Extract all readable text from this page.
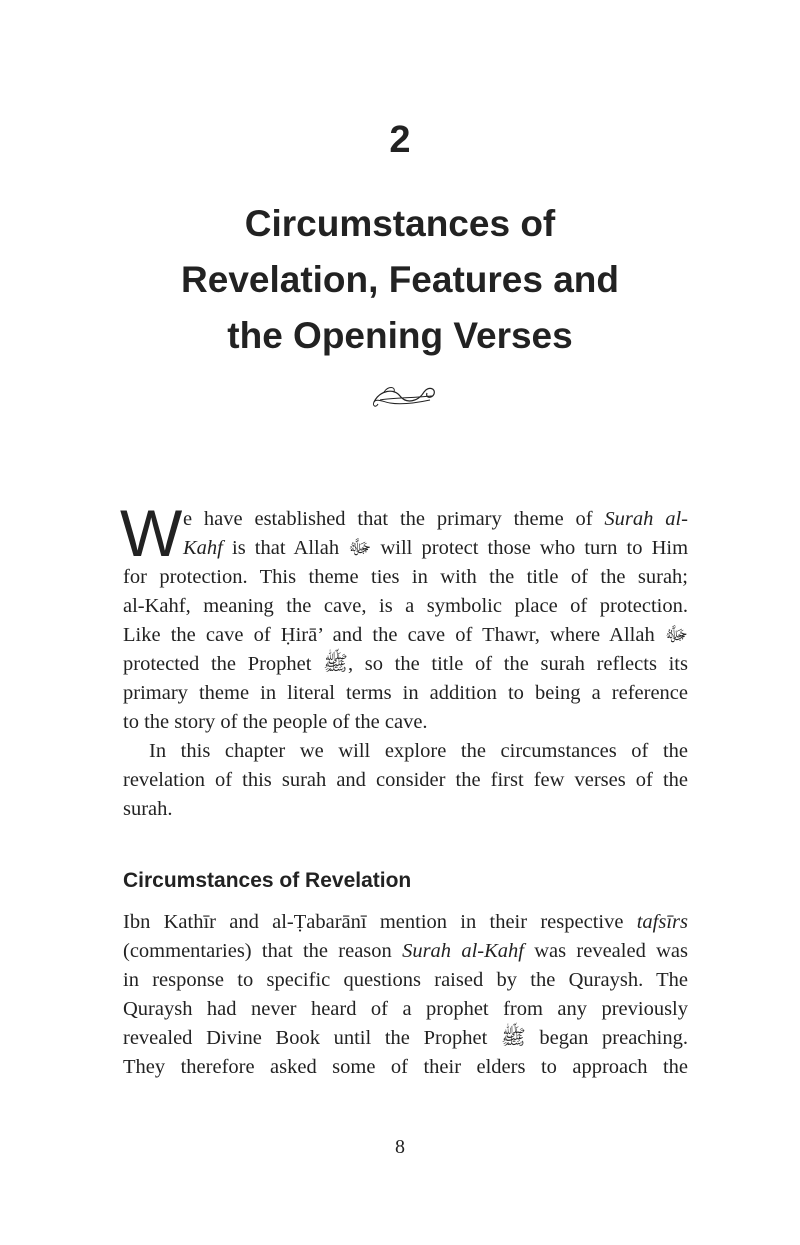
2
Circumstances of
Revelation, Features and
the Opening Verses
W e have established that the primary theme of Surah al-
Kahf is that Allah ﷻ will protect those who turn to Him

for protection. This theme ties in with the title of the surah;
al-Kahf, meaning the cave, is a symbolic place of protection.
Like the cave of Ḥirā’ and the cave of Thawr, where Allah ﷻ
protected the Prophet ﷺ, so the title of the surah reflects its
primary theme in literal terms in addition to being a reference
to the story of the people of the cave.

In this chapter we will explore the circumstances of the
revelation of this surah and consider the first few verses of the
surah.

Circumstances of Revelation

Ibn Kathīr and al-Ṭabarānī mention in their respective tafsīrs
(commentaries) that the reason Surah al-Kahf was revealed was
in response to specific questions raised by the Quraysh. The
Quraysh had never heard of a prophet from any previously
revealed Divine Book until the Prophet ﷺ began preaching.
They therefore asked some of their elders to approach the

8
